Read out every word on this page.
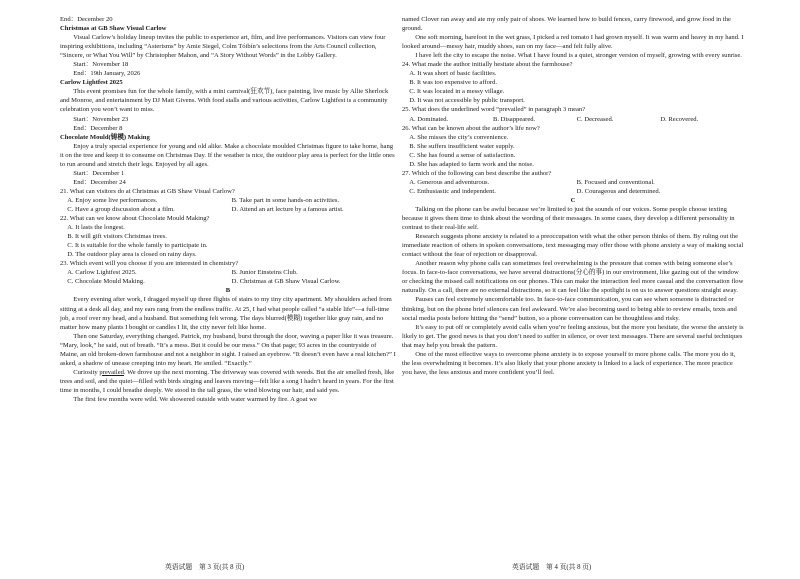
End：December 20

Christmas at GB Shaw Visual Carlow

Visual Carlow’s holiday lineup invites the public to experience art, film, and live performances. Visitors can view four inspiring exhibitions, including “Asterisms” by Amie Siegel, Colm Tóibín’s selections from the Arts Council collection, “Sincere, or What You Will” by Christopher Mahon, and “A Story Without Words” in the Lobby Gallery.

Start：November 18

End：19th January, 2026

Carlow Lightfest 2025

This event promises fun for the whole family, with a mini carnival(狂欢节), face painting, live music by Allie Sherlock and Monroe, and entertainment by DJ Matt Givens. With food stalls and various activities, Carlow Lightfest is a community celebration you won’t want to miss.

Start：November 23

End：December 8

Chocolate Mould(铸模) Making

Enjoy a truly special experience for young and old alike. Make a chocolate moulded Christmas figure to take home, hang it on the tree and keep it to consume on Christmas Day. If the weather is nice, the outdoor play area is perfect for the little ones to run around and stretch their legs. Enjoyed by all ages.

Start：December 1

End：December 24

21. What can visitors do at Christmas at GB Shaw Visual Carlow?

A. Enjoy some live performances.	B. Take part in some hands-on activities.
C. Have a group discussion about a film.	D. Attend an art lecture by a famous artist.

22. What can we know about Chocolate Mould Making?

A. It lasts the longest.

B. It will gift visitors Christmas trees.

C. It is suitable for the whole family to participate in.

D. The outdoor play area is closed on rainy days.

23. Which event will you choose if you are interested in chemistry?

A. Carlow Lightfest 2025.	B. Junior Einsteins Club.
C. Chocolate Mould Making.	D. Christmas at GB Shaw Visual Carlow.

B

Every evening after work, I dragged myself up three flights of stairs to my tiny city apartment. My shoulders ached from sitting at a desk all day, and my ears rang from the endless traffic. At 25, I had what people called “a stable life”—a full-time job, a roof over my head, and a husband. But something felt wrong. The days blurred(模糊) together like gray rain, and no matter how many plants I bought or candles I lit, the city never felt like home.

Then one Saturday, everything changed. Patrick, my husband, burst through the door, waving a paper like it was treasure. “Mary, look,” he said, out of breath. “It’s a mess. But it could be our mess.” On that page; 93 acres in the countryside of Maine, an old broken-down farmhouse and not a neighbor in sight. I raised an eyebrow. “It doesn’t even have a real kitchen?” I asked, a shadow of unease creeping into my heart. He smiled. “Exactly.”

Curiosity prevailed. We drove up the next morning. The driveway was covered with weeds. But the air smelled fresh, like trees and soil, and the quiet—filled with birds singing and leaves moving—felt like a song I hadn’t heard in years. For the first time in months, I could breathe deeply. We stood in the tall grass, the wind blowing our hair, and said yes.

The first few months were wild. We showered outside with water warmed by fire. A goat we

named Clover ran away and ate my only pair of shoes. We learned how to build fences, carry firewood, and grow food in the ground.

One soft morning, barefoot in the wet grass, I picked a red tomato I had grown myself. It was warm and heavy in my hand. I looked around—messy hair, muddy shoes, sun on my face—and felt fully alive.

I have left the city to escape the noise. What I have found is a quiet, stronger version of myself, growing with every sunrise.

24. What made the author initially hesitate about the farmhouse?

A. It was short of basic facilities.

B. It was too expensive to afford.

C. It was located in a messy village.

D. It was not accessible by public transport.

25. What does the underlined word “prevailed” in paragraph 3 mean?

A. Dominated.	B. Disappeared.	C. Decreased.	D. Recovered.

26. What can be known about the author’s life now?

A. She misses the city’s convenience.

B. She suffers insufficient water supply.

C. She has found a sense of satisfaction.

D. She has adapted to farm work and the noise.

27. Which of the following can best describe the author?

A. Generous and adventurous.	B. Focused and conventional.
C. Enthusiastic and independent.	D. Courageous and determined.

C

Talking on the phone can be awful because we’re limited to just the sounds of our voices. Some people choose texting because it gives them time to think about the wording of their messages. In some cases, they develop a different personality in contrast to their real-life self.

Research suggests phone anxiety is related to a preoccupation with what the other person thinks of them. By ruling out the immediate reaction of others in spoken conversations, text messaging may offer those with phone anxiety a way of making social contact without the fear of rejection or disapproval.

Another reason why phone calls can sometimes feel overwhelming is the pressure that comes with being someone else’s focus. In face-to-face conversations, we have several distractions(分心的事) in our environment, like gazing out of the window or checking the missed call notifications on our phones. This can make the interaction feel more casual and the conversation flow naturally. On a call, there are no external distractions, so it can feel like the spotlight is on us to answer questions straight away.

Pauses can feel extremely uncomfortable too. In face-to-face communication, you can see when someone is distracted or thinking, but on the phone brief silences can feel awkward. We’re also becoming used to being able to review emails, texts and social media posts before hitting the “send” button, so a phone conversation can be thoughtless and risky.

It’s easy to put off or completely avoid calls when you’re feeling anxious, but the more you hesitate, the worse the anxiety is likely to get. The good news is that you don’t need to suffer in silence, or over text messages. There are several useful techniques that may help you break the pattern.

One of the most effective ways to overcome phone anxiety is to expose yourself to more phone calls. The more you do it, the less overwhelming it becomes. It’s also likely that your phone anxiety is linked to a lack of experience. The more practice you have, the less anxious and more confident you’ll feel.

英语试题　第 3 页(共 8 页)	英语试题　第 4 页(共 8 页)
